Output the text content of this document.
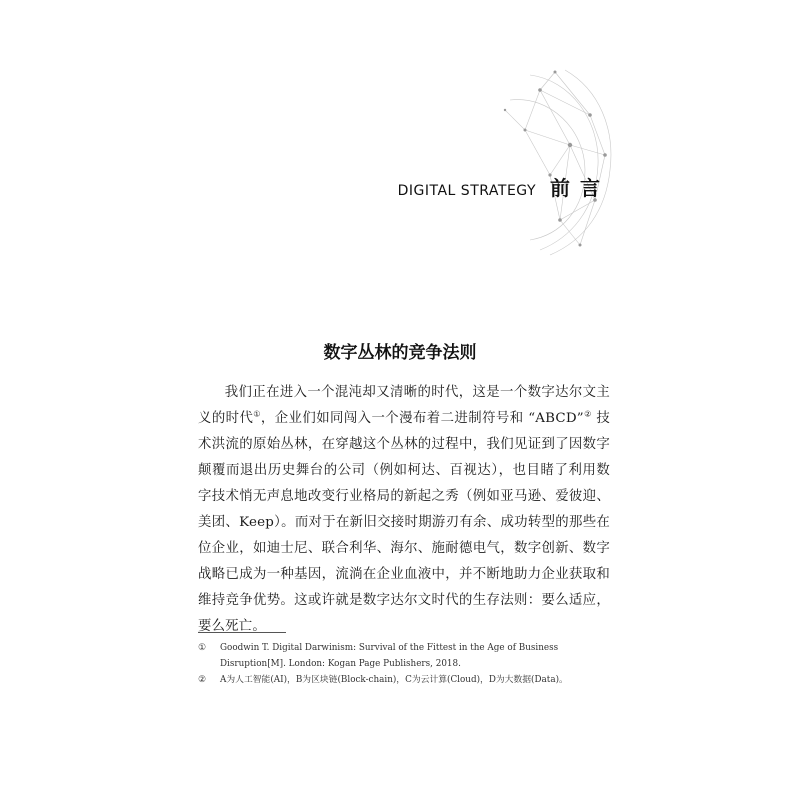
DIGITAL STRATEGY 前言
数字丛林的竞争法则

我们正在进入一个混沌却又清晰的时代，这是一个数字达尔文主义的时代①，企业们如同闯入一个漫布着二进制符号和 “ABCD”② 技术洪流的原始丛林，在穿越这个丛林的过程中，我们见证到了因数字颠覆而退出历史舞台的公司（例如柯达、百视达），也目睹了利用数字技术悄无声息地改变行业格局的新起之秀（例如亚马逊、爱彼迎、美团、Keep）。而对于在新旧交接时期游刃有余、成功转型的那些在位企业，如迪士尼、联合利华、海尔、施耐德电气，数字创新、数字战略已成为一种基因，流淌在企业血液中，并不断地助力企业获取和维持竞争优势。这或许就是数字达尔文时代的生存法则：要么适应，要么死亡。

①	Goodwin T. Digital Darwinism: Survival of the Fittest in the Age of Business Disruption[M]. London: Kogan Page Publishers, 2018.
②	A为人工智能(AI)，B为区块链(Block-chain)，C为云计算(Cloud)，D为大数据(Data)。
